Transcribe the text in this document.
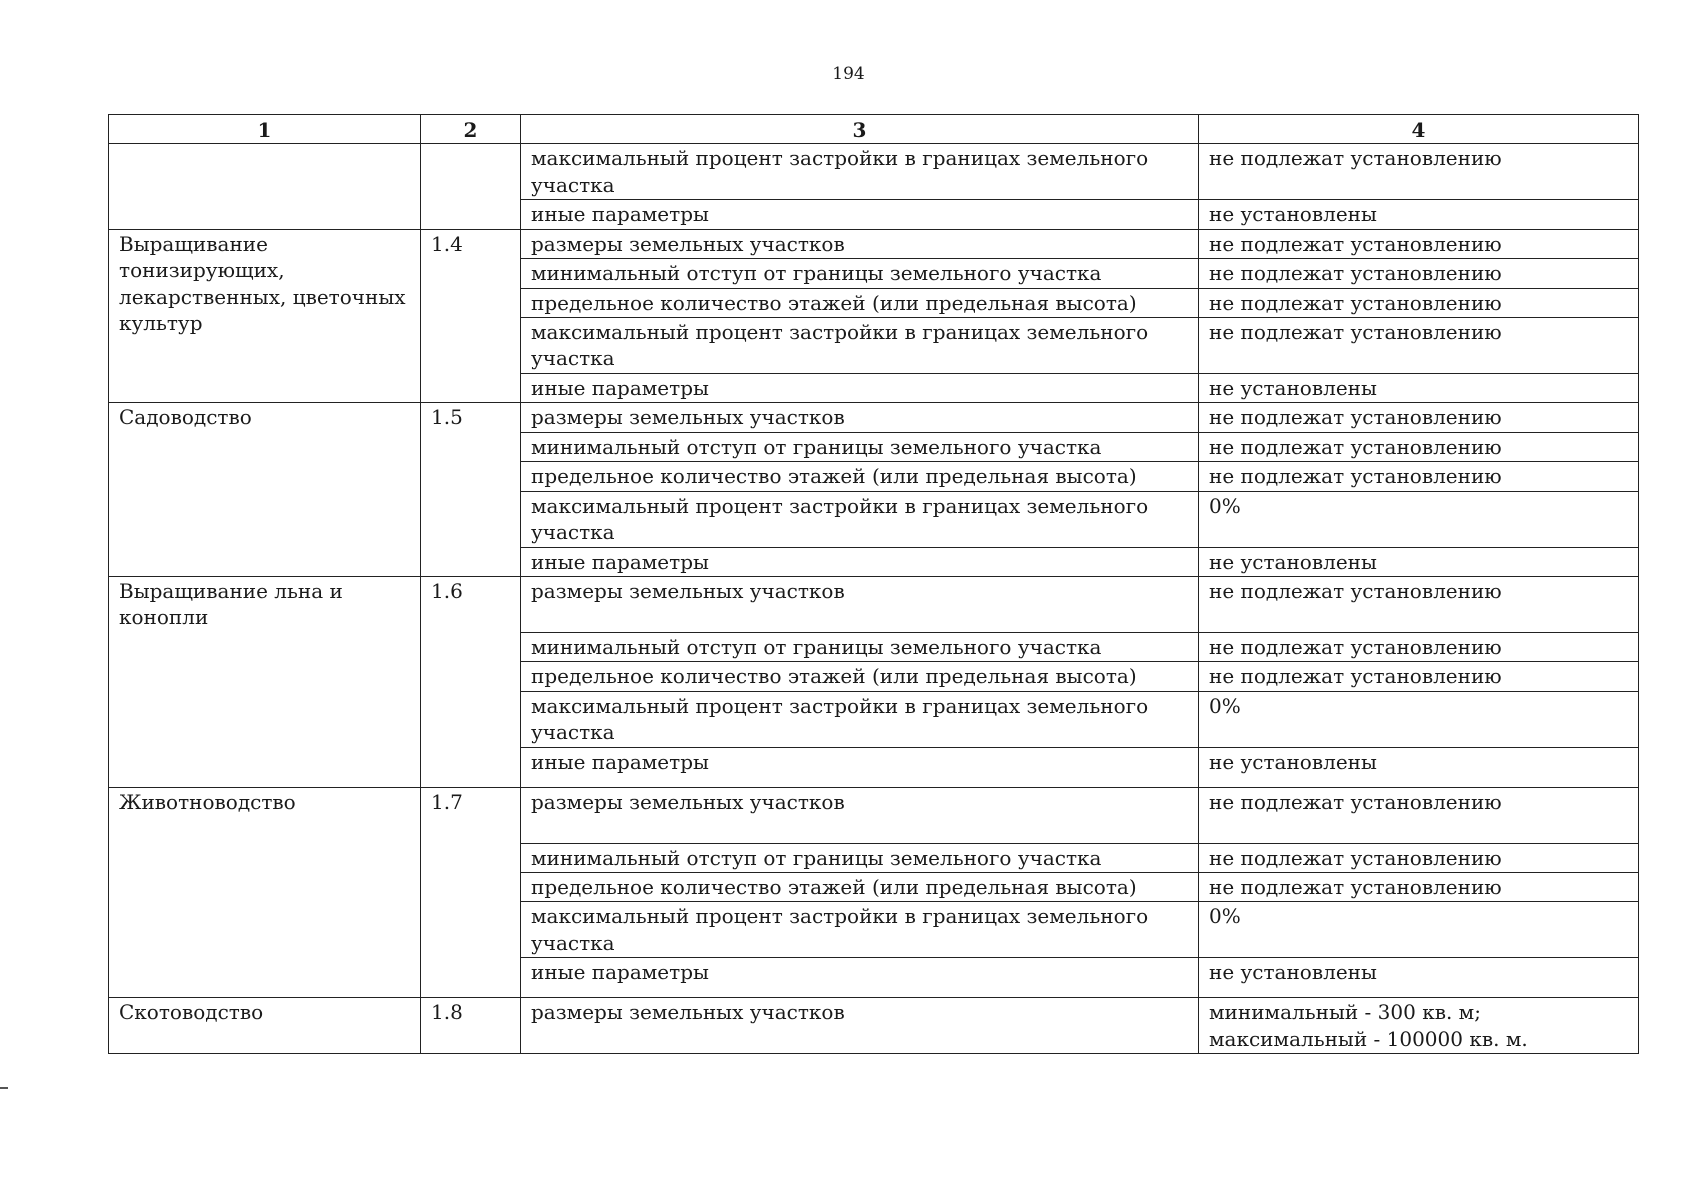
194
1	2	3	4
		максимальный процент застройки в границах земельного участка	не подлежат установлению
		иные параметры	не установлены
Выращивание тонизирующих, лекарственных, цветочных культур	1.4	размеры земельных участков	не подлежат установлению
		минимальный отступ от границы земельного участка	не подлежат установлению
		предельное количество этажей (или предельная высота)	не подлежат установлению
		максимальный процент застройки в границах земельного участка	не подлежат установлению
		иные параметры	не установлены
Садоводство	1.5	размеры земельных участков	не подлежат установлению
		минимальный отступ от границы земельного участка	не подлежат установлению
		предельное количество этажей (или предельная высота)	не подлежат установлению
		максимальный процент застройки в границах земельного участка	0%
		иные параметры	не установлены
Выращивание льна и конопли	1.6	размеры земельных участков	не подлежат установлению
		минимальный отступ от границы земельного участка	не подлежат установлению
		предельное количество этажей (или предельная высота)	не подлежат установлению
		максимальный процент застройки в границах земельного участка	0%
		иные параметры	не установлены
Животноводство	1.7	размеры земельных участков	не подлежат установлению
		минимальный отступ от границы земельного участка	не подлежат установлению
		предельное количество этажей (или предельная высота)	не подлежат установлению
		максимальный процент застройки в границах земельного участка	0%
		иные параметры	не установлены
Скотоводство	1.8	размеры земельных участков	минимальный - 300 кв. м;
максимальный - 100000 кв. м.
